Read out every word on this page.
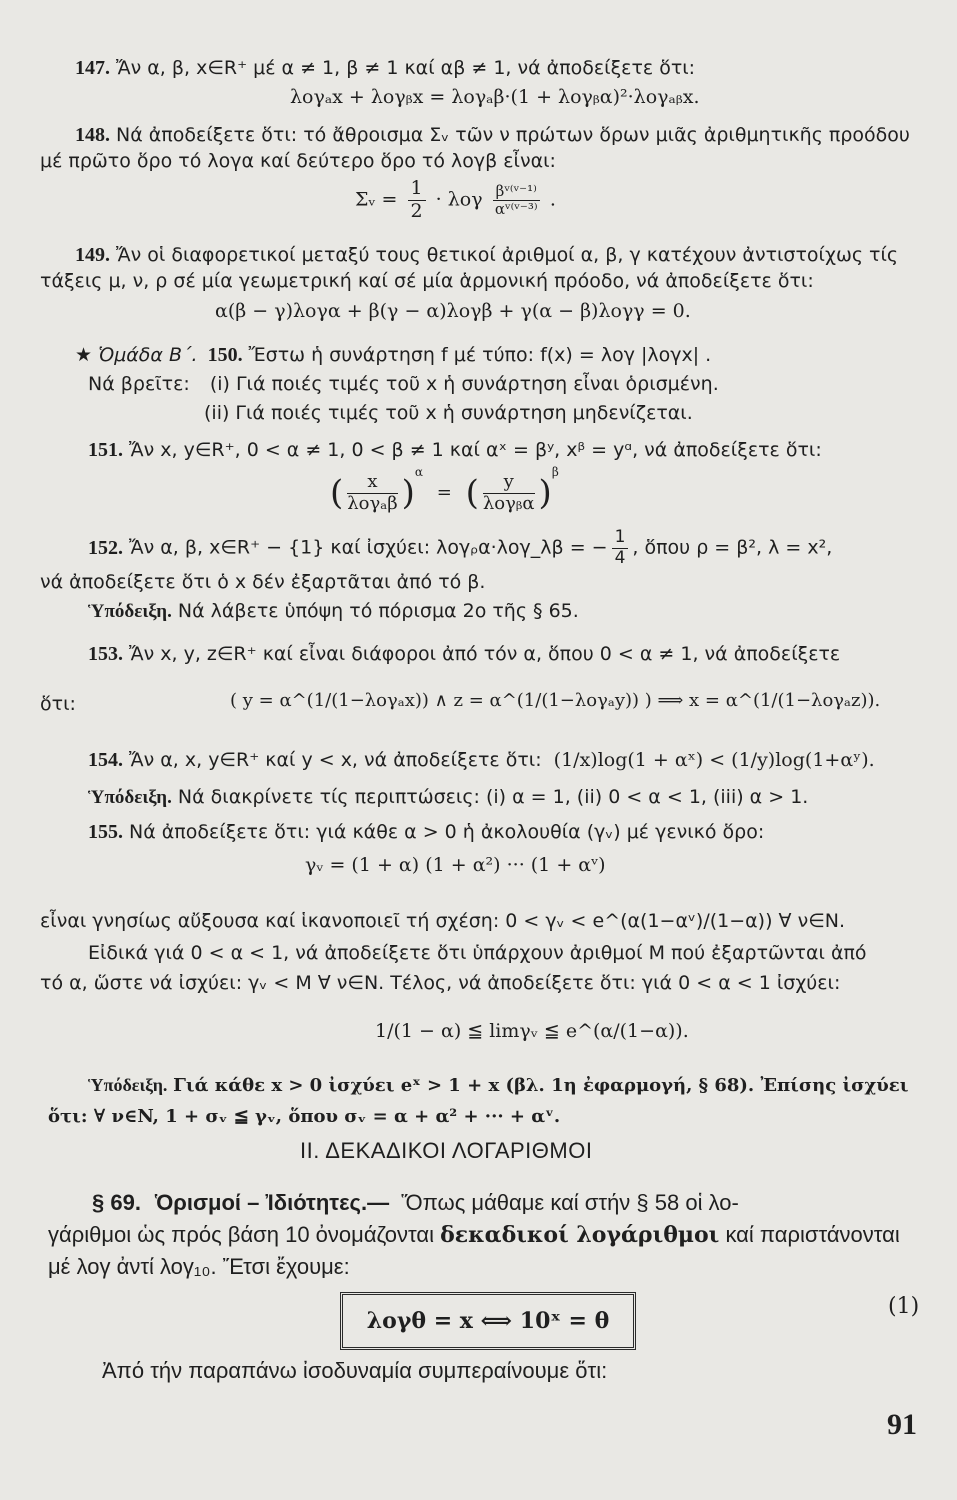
147. Ἄν α, β, x∈R⁺ μέ α ≠ 1, β ≠ 1 καί αβ ≠ 1, νά ἀποδείξετε ὅτι:
λογₐx + λογᵦx = λογₐβ·(1 + λογᵦα)²·λογₐᵦx.
148. Νά ἀποδείξετε ὅτι: τό ἄθροισμα Σᵥ τῶν ν πρώτων ὅρων μιᾶς ἀριθμητικῆς προόδου
μέ πρῶτο ὅρο τό λογα καί δεύτερο ὅρο τό λογβ εἶναι:
Σᵥ = $\frac{1}{2} \cdot \lambda o\gamma \frac{\text{βᵛ⁽ᵛ⁻¹⁾}}{\text{αᵛ⁽ᵛ⁻³⁾}}$ .
149. Ἄν οἱ διαφορετικοί μεταξύ τους θετικοί ἀριθμοί α, β, γ κατέχουν ἀντιστοίχως τίς
τάξεις μ, ν, ρ σέ μία γεωμετρική καί σέ μία ἁρμονική πρόοδο, νά ἀποδείξετε ὅτι:
α(β − γ)λογα + β(γ − α)λογβ + γ(α − β)λογγ = 0.
★ Ὁμάδα Β΄. 150. Ἔστω ἡ συνάρτηση f μέ τύπο: f(x) = λογ |λογx| .
Νά βρεῖτε: (i) Γιά ποιές τιμές τοῦ x ἡ συνάρτηση εἶναι ὁρισμένη.
(ii) Γιά ποιές τιμές τοῦ x ἡ συνάρτηση μηδενίζεται.
151. Ἄν x, y∈R⁺, 0 < α ≠ 1, 0 < β ≠ 1 καί αˣ = βʸ, xᵝ = yᵅ, νά ἀποδείξετε ὅτι:
( $\frac{x}{\text{λογₐβ}} )^\alpha$ = ( $\frac{y}{\text{λογᵦα}} )^\beta$
152. Ἄν α, β, x∈R⁺ − {1} καί ἰσχύει: λογᵨα·λογ_λβ = − $\frac{1}{4}$ , ὅπου ρ = β², λ = x²,
νά ἀποδείξετε ὅτι ὁ x δέν ἐξαρτᾶται ἀπό τό β.
Ὑπόδειξη. Νά λάβετε ὑπόψη τό πόρισμα 2ο τῆς § 65.
153. Ἄν x, y, z∈R⁺ καί εἶναι διάφοροι ἀπό τόν α, ὅπου 0 < α ≠ 1, νά ἀποδείξετε
ὅτι:	( y = α^(1/(1−λογₐx)) ∧ z = α^(1/(1−λογₐy)) ) ⟹ x = α^(1/(1−λογₐz)).
154. Ἄν α, x, y∈R⁺ καί y < x, νά ἀποδείξετε ὅτι: (1/x)log(1 + αˣ) < (1/y)log(1+αʸ).
Ὑπόδειξη. Νά διακρίνετε τίς περιπτώσεις: (i) α = 1, (ii) 0 < α < 1, (iii) α > 1.
155. Νά ἀποδείξετε ὅτι: γιά κάθε α > 0 ἡ ἀκολουθία (γᵥ) μέ γενικό ὅρο:
γᵥ = (1 + α) (1 + α²) ··· (1 + αᵛ)
εἶναι γνησίως αὔξουσα καί ἱκανοποιεῖ τή σχέση: 0 < γᵥ < e^(α(1−αᵛ)/(1−α)) ∀ ν∈N.
Εἰδικά γιά 0 < α < 1, νά ἀποδείξετε ὅτι ὑπάρχουν ἀριθμοί Μ πού ἐξαρτῶνται ἀπό
τό α, ὥστε νά ἰσχύει: γᵥ < M ∀ ν∈N. Τέλος, νά ἀποδείξετε ὅτι: γιά 0 < α < 1 ἰσχύει:
1/(1 − α) ≦ limγᵥ ≦ e^(α/(1−α)).
Ὑπόδειξη. Γιά κάθε x > 0 ἰσχύει eˣ > 1 + x (βλ. 1η ἐφαρμογή, § 68). Ἐπίσης ἰσχύει
ὅτι: ∀ ν∈N, 1 + σᵥ ≦ γᵥ, ὅπου σᵥ = α + α² + ··· + αᵛ.
ΙΙ. ΔΕΚΑΔΙΚΟΙ ΛΟΓΑΡΙΘΜΟΙ
§ 69. Ὁρισμοί – Ἰδιότητες.— Ὅπως μάθαμε καί στήν § 58 οἱ λο-
γάριθμοι ὡς πρός βάση 10 ὀνομάζονται δεκαδικοί λογάριθμοι καί παριστάνονται
μέ λογ ἀντί λογ₁₀. Ἔτσι ἔχουμε:
λογθ = x ⟺ 10ˣ = θ
(1)
Ἀπό τήν παραπάνω ἰσοδυναμία συμπεραίνουμε ὅτι:
91
